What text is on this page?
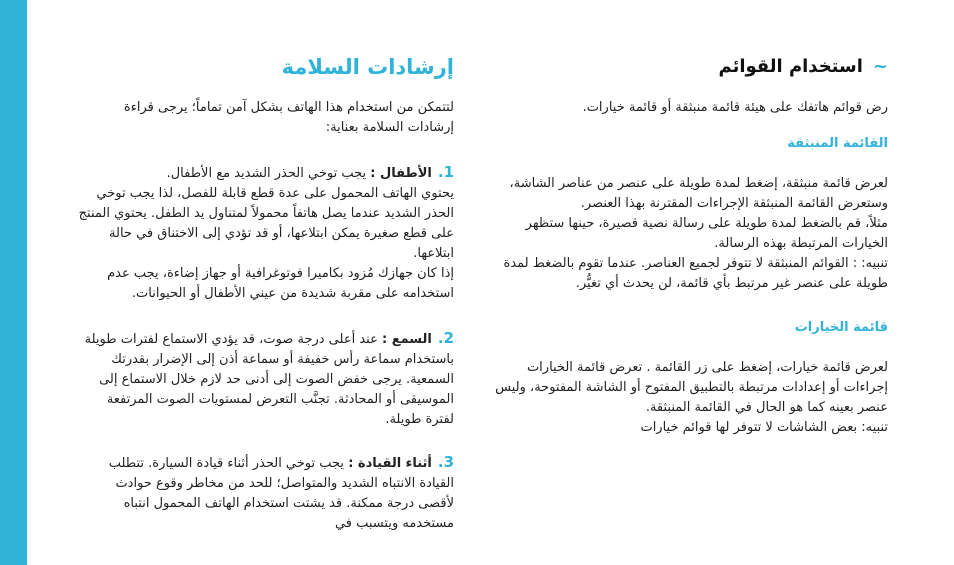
إرشادات السلامة

لتتمكن من استخدام هذا الهاتف بشكل آمن تماماً؛ يرجى قراءة إرشادات السلامة بعناية:

1.الأطفال : يجب توخي الحذر الشديد مع الأطفال.

يحتوي الهاتف المحمول على عدة قطع قابلة للفصل، لذا يجب توخي الحذر الشديد عندما يصل هاتفاً محمولاً لمتناول يد الطفل. يحتوي المنتج على قطع صغيرة يمكن ابتلاعها، أو قد تؤدي إلى الاختناق في حالة ابتلاعها.

إذا كان جهازك مُزود بكاميرا فوتوغرافية أو جهاز إضاءة، يجب عدم استخدامه على مقربة شديدة من عيني الأطفال أو الحيوانات.

2.السمع : عند أعلى درجة صوت، قد يؤدي الاستماع لفترات طويلة باستخدام سماعة رأس خفيفة أو سماعة أذن إلى الإضرار بقدرتك السمعية. يرجى خفض الصوت إلى أدنى حد لازم خلال الاستماع إلى الموسيقى أو المحادثة. تجنَّب التعرض لمستويات الصوت المرتفعة لفترة طويلة.

3.أثناء القيادة : يجب توخي الحذر أثناء قيادة السيارة. تتطلب القيادة الانتباه الشديد والمتواصل؛ للحد من مخاطر وقوع حوادث لأقصى درجة ممكنة. قد يشتت استخدام الهاتف المحمول انتباه مستخدمه ويتسبب في

~استخدام القوائم

رض قوائم هاتفك على هيئة قائمة منبثقة أو قائمة خيارات.

القائمة المنبثقة

لعرض قائمة منبثقة، إضغط لمدة طويلة على عنصر من عناصر الشاشة، وستعرض القائمة المنبثقة الإجراءات المقترنة بهذا العنصر.

مثلاً، قم بالضغط لمدة طويلة على رسالة نصية قصيرة، حينها ستظهر الخيارات المرتبطة بهذه الرسالة.

تنبيه: : القوائم المنبثقة لا تتوفر لجميع العناصر. عندما تقوم بالضغط لمدة طويلة على عنصر غير مرتبط بأي قائمة، لن يحدث أي تغيُّر.

قائمة الخيارات

لعرض قائمة خيارات، إضغط على زر القائمة . تعرض قائمة الخيارات إجراءات أو إعدادات مرتبطة بالتطبيق المفتوح أو الشاشة المفتوحة، وليس عنصر بعينه كما هو الحال في القائمة المنبثقة.

تنبيه: بعض الشاشات لا تتوفر لها قوائم خيارات
